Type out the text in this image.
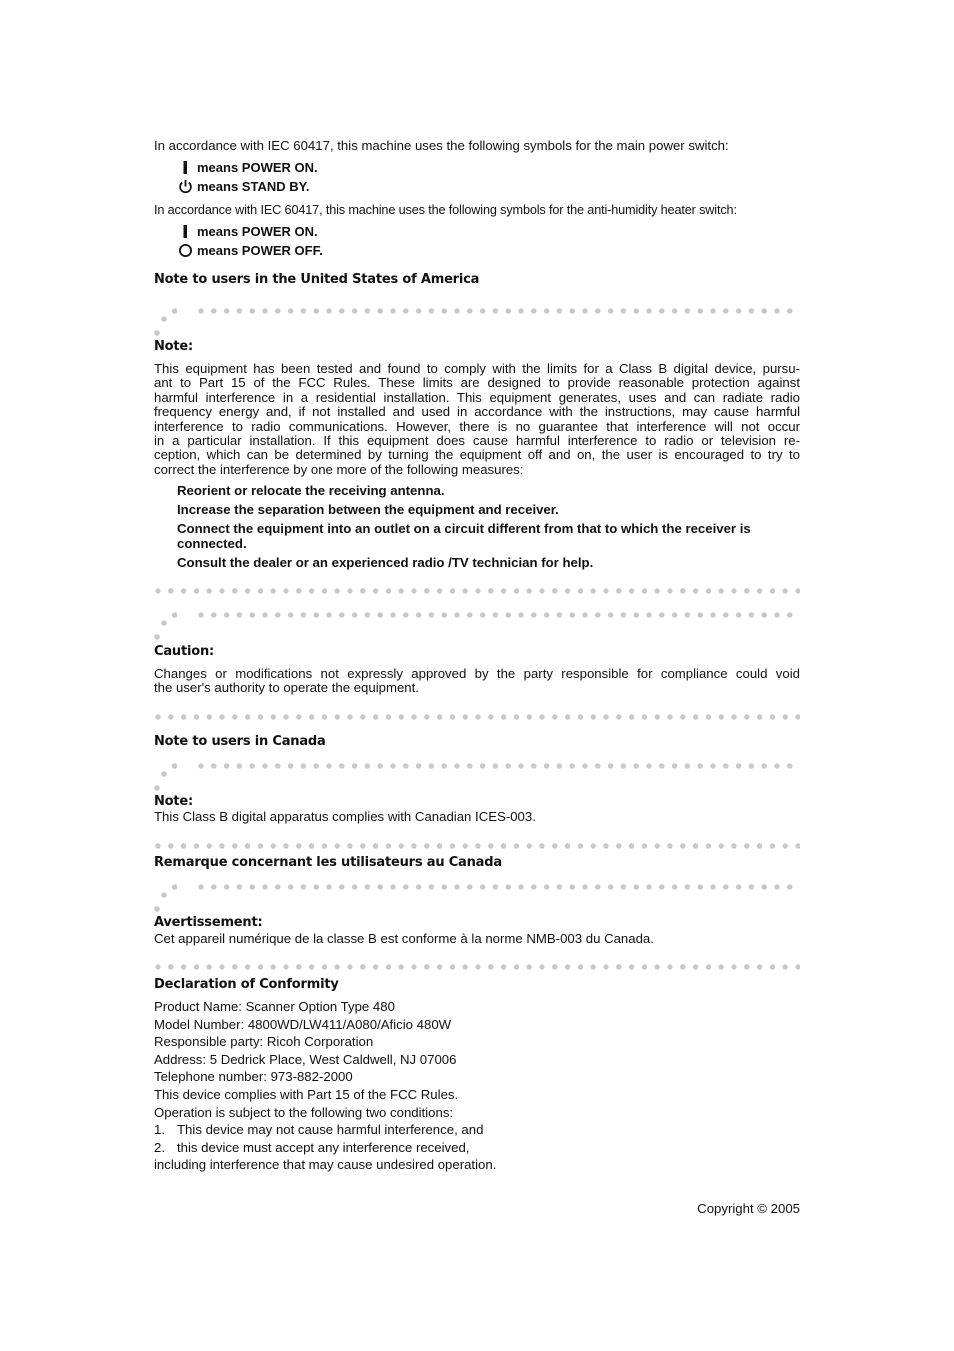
In accordance with IEC 60417, this machine uses the following symbols for the main power switch:

means POWER ON.
means STAND BY.

In accordance with IEC 60417, this machine uses the following symbols for the anti-humidity heater switch:

means POWER ON.
means POWER OFF.
Note to users in the United States of America
Note:
This equipment has been tested and found to comply with the limits for a Class B digital device, pursu-
ant to Part 15 of the FCC Rules. These limits are designed to provide reasonable protection against
harmful interference in a residential installation. This equipment generates, uses and can radiate radio
frequency energy and, if not installed and used in accordance with the instructions, may cause harmful
interference to radio communications. However, there is no guarantee that interference will not occur
in a particular installation. If this equipment does cause harmful interference to radio or television re-
ception, which can be determined by turning the equipment off and on, the user is encouraged to try to
correct the interference by one more of the following measures:
Reorient or relocate the receiving antenna.
Increase the separation between the equipment and receiver.
Connect the equipment into an outlet on a circuit different from that to which the receiver is connected.
Consult the dealer or an experienced radio /TV technician for help.
Caution:
Changes or modifications not expressly approved by the party responsible for compliance could void
the user's authority to operate the equipment.
Note to users in Canada
Note:
This Class B digital apparatus complies with Canadian ICES-003.
Remarque concernant les utilisateurs au Canada
Avertissement:
Cet appareil numérique de la classe B est conforme à la norme NMB-003 du Canada.
Declaration of Conformity
Product Name: Scanner Option Type 480
Model Number: 4800WD/LW411/A080/Aficio 480W
Responsible party: Ricoh Corporation
Address: 5 Dedrick Place, West Caldwell, NJ 07006
Telephone number: 973-882-2000
This device complies with Part 15 of the FCC Rules.
Operation is subject to the following two conditions:
1. This device may not cause harmful interference, and
2. this device must accept any interference received,
including interference that may cause undesired operation.
Copyright © 2005
